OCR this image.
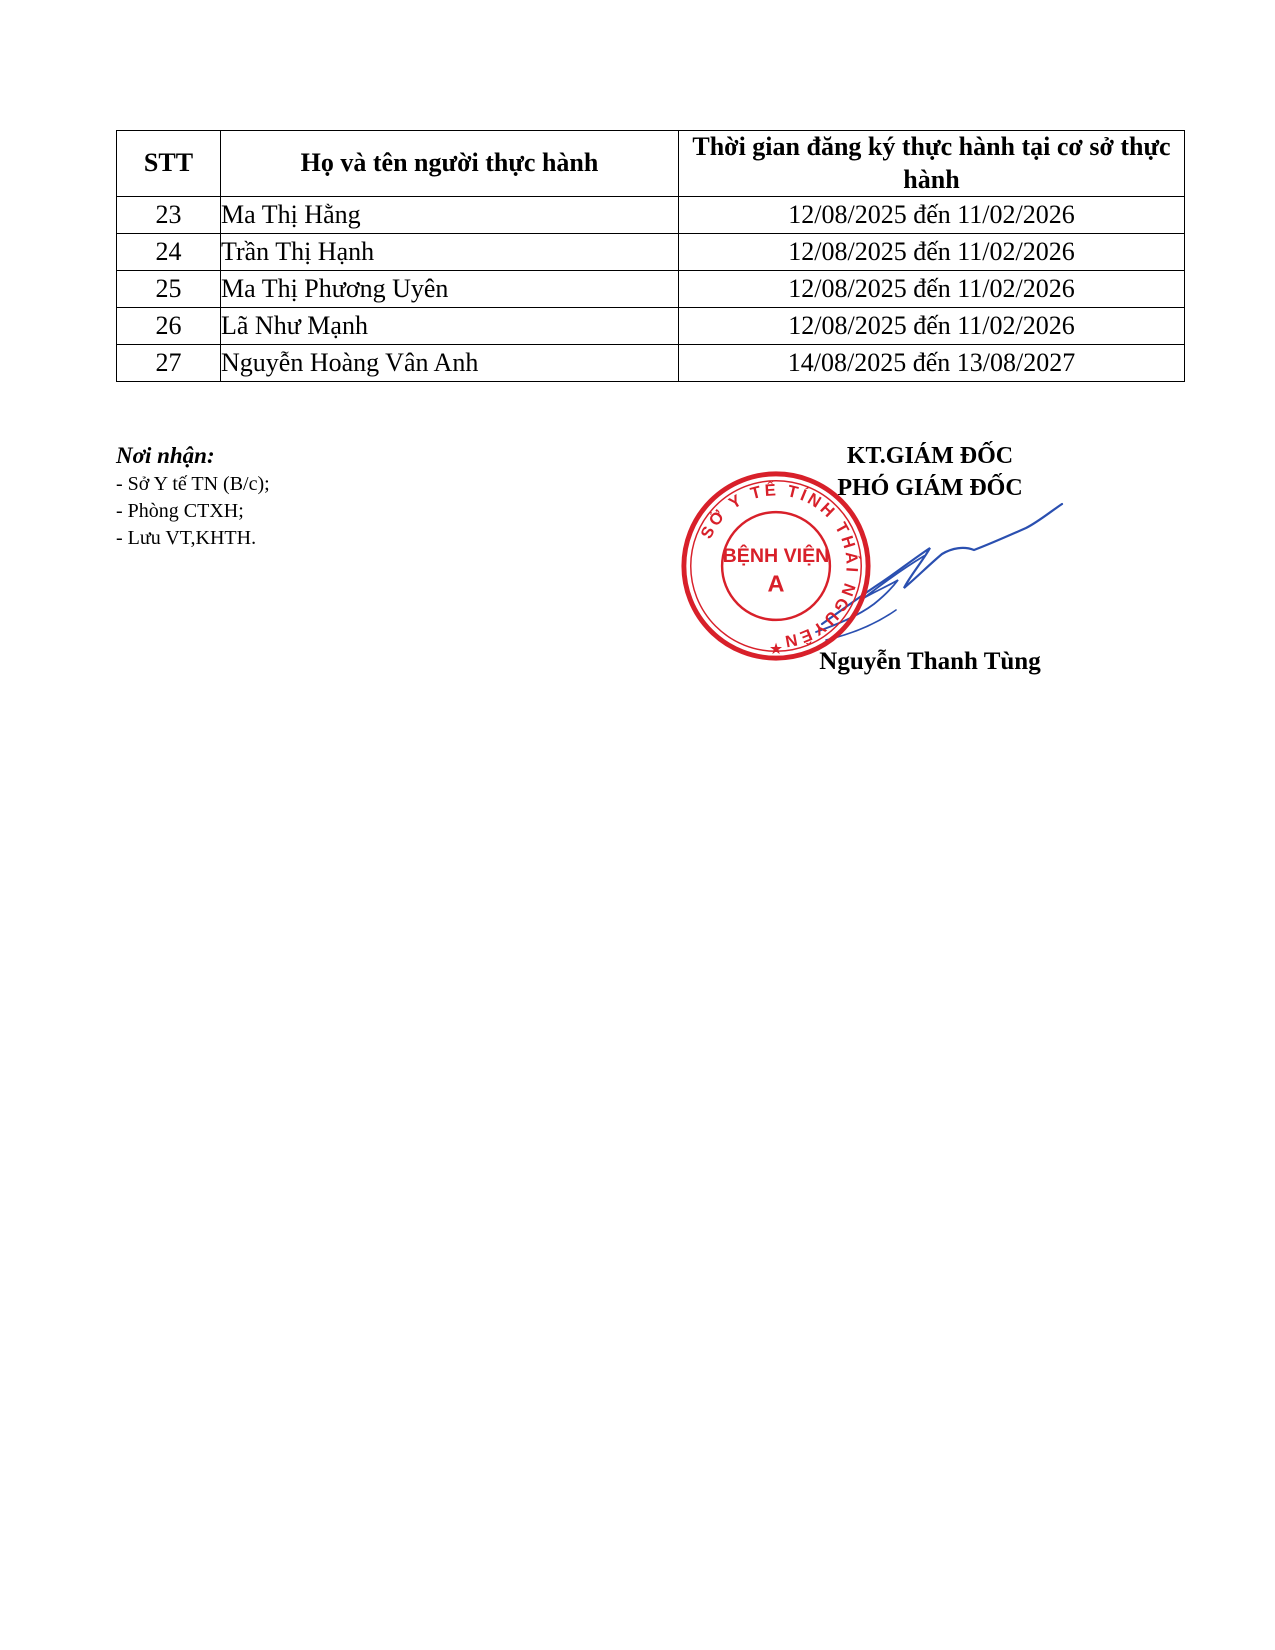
STT	Họ và tên người thực hành	Thời gian đăng ký thực hành tại cơ sở thực hành
23	Ma Thị Hằng	12/08/2025 đến 11/02/2026
24	Trần Thị Hạnh	12/08/2025 đến 11/02/2026
25	Ma Thị Phương Uyên	12/08/2025 đến 11/02/2026
26	Lã Như Mạnh	12/08/2025 đến 11/02/2026
27	Nguyễn Hoàng Vân Anh	14/08/2025 đến 13/08/2027
Nơi nhận:
- Sở Y tế TN (B/c);
- Phòng CTXH;
- Lưu VT,KHTH.
KT.GIÁM ĐỐC
PHÓ GIÁM ĐỐC
SỞ Y TẾ TỈNH THÁI NGUYÊN
BỆNH VIỆN
A
★	Nguyễn Thanh Tùng
